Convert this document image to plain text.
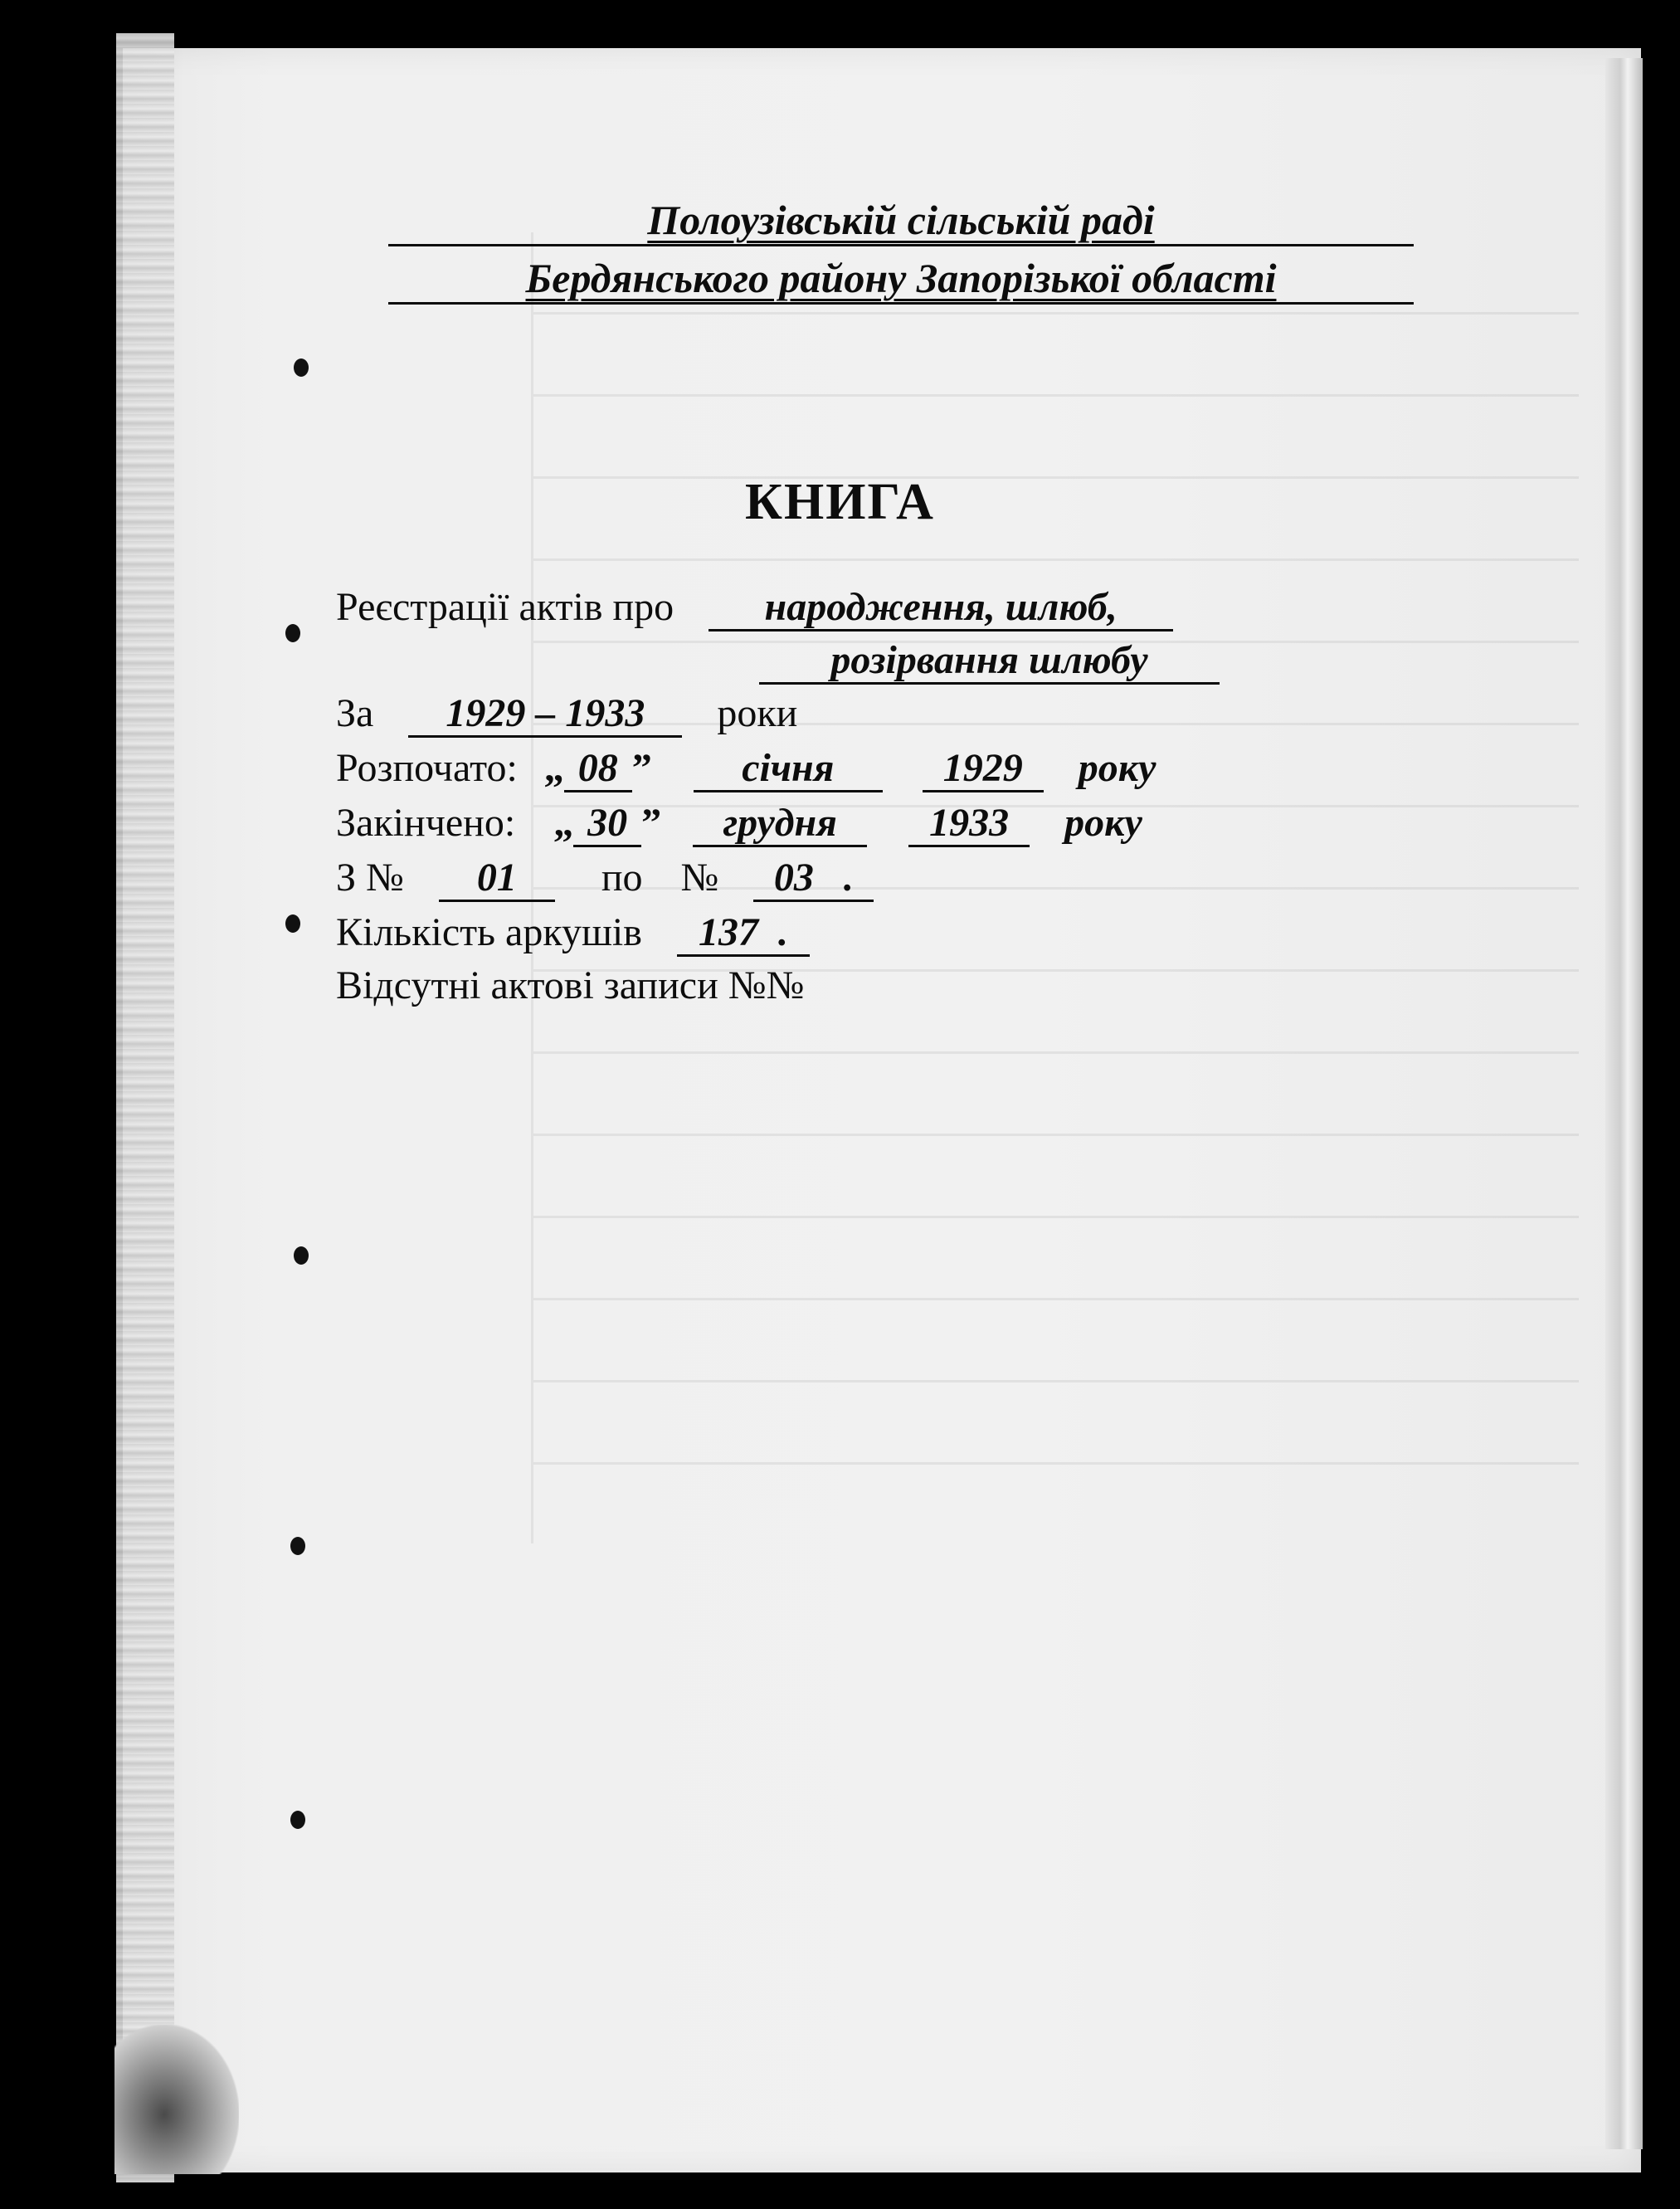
Полоузівській сільській раді
Бердянського району Запорізької області
КНИГА
Реєстрації актів про народження, шлюб,
розірвання шлюбу
За 1929 – 1933 роки
Розпочато: „ 08 ” січня	1929 року
Закінчено: „ 30 ” грудня 1933 року
З № 01 по № 03 .
Кількість аркушів 137 .
Відсутні актові записи №№
